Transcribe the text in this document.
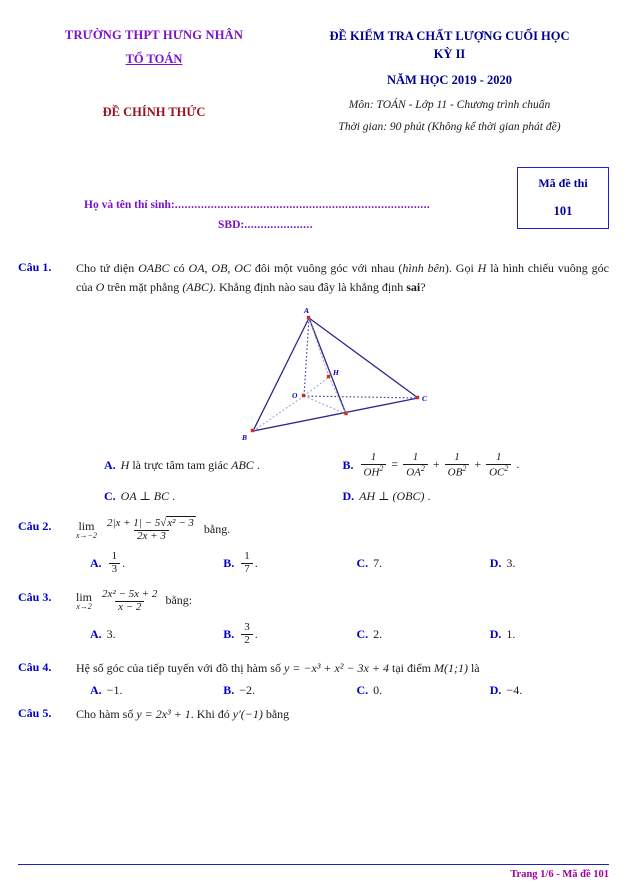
TRƯỜNG THPT HƯNG NHÂN
TỔ TOÁN
ĐỀ CHÍNH THỨC
ĐỀ KIỂM TRA CHẤT LƯỢNG CUỐI HỌC
KỲ II
NĂM HỌC 2019 - 2020
Môn: TOÁN - Lớp 11 - Chương trình chuẩn
Thời gian: 90 phút (Không kể thời gian phát đề)
Họ và tên thí sinh:..............................................................................
SBD:.....................
Mã đề thi
101
Câu 1.	Cho tứ diện OABC có OA, OB, OC đôi một vuông góc với nhau (hình bên). Gọi H là hình chiếu vuông góc của O trên mặt phẳng (ABC). Khẳng định nào sau đây là khẳng định sai?
A
B
C
O
H
A. H là trực tâm tam giác ABC .	B. $\frac{1}{OH^2} = \frac{1}{OA^2} + \frac{1}{OB^2} + \frac{1}{OC^2}$ .
C. OA ⊥ BC .	D. AH ⊥ (OBC) .
Câu 2.	lim
x→−2
$\frac{\text{2|x + 1| − 5√x² − 3}}{2x + 3}$ bằng.
A. $\frac{1}{3}$ .	B. $\frac{1}{7}$ .	C. 7 .	D. 3 .
Câu 3.	lim
x→2
$\frac{\text{2x² − 5x + 2}}{x - 2}$ bằng:
A. 3 .	B. $\frac{3}{2}$ .	C. 2 .	D. 1 .
Câu 4.	Hệ số góc của tiếp tuyến với đồ thị hàm số y = −x³ + x² − 3x + 4 tại điểm M(1;1) là
A. −1 .	B. −2 .	C. 0 .	D. −4 .
Câu 5.	Cho hàm số y = 2x³ + 1. Khi đó y′(−1) bằng
Trang 1/6 - Mã đề 101
